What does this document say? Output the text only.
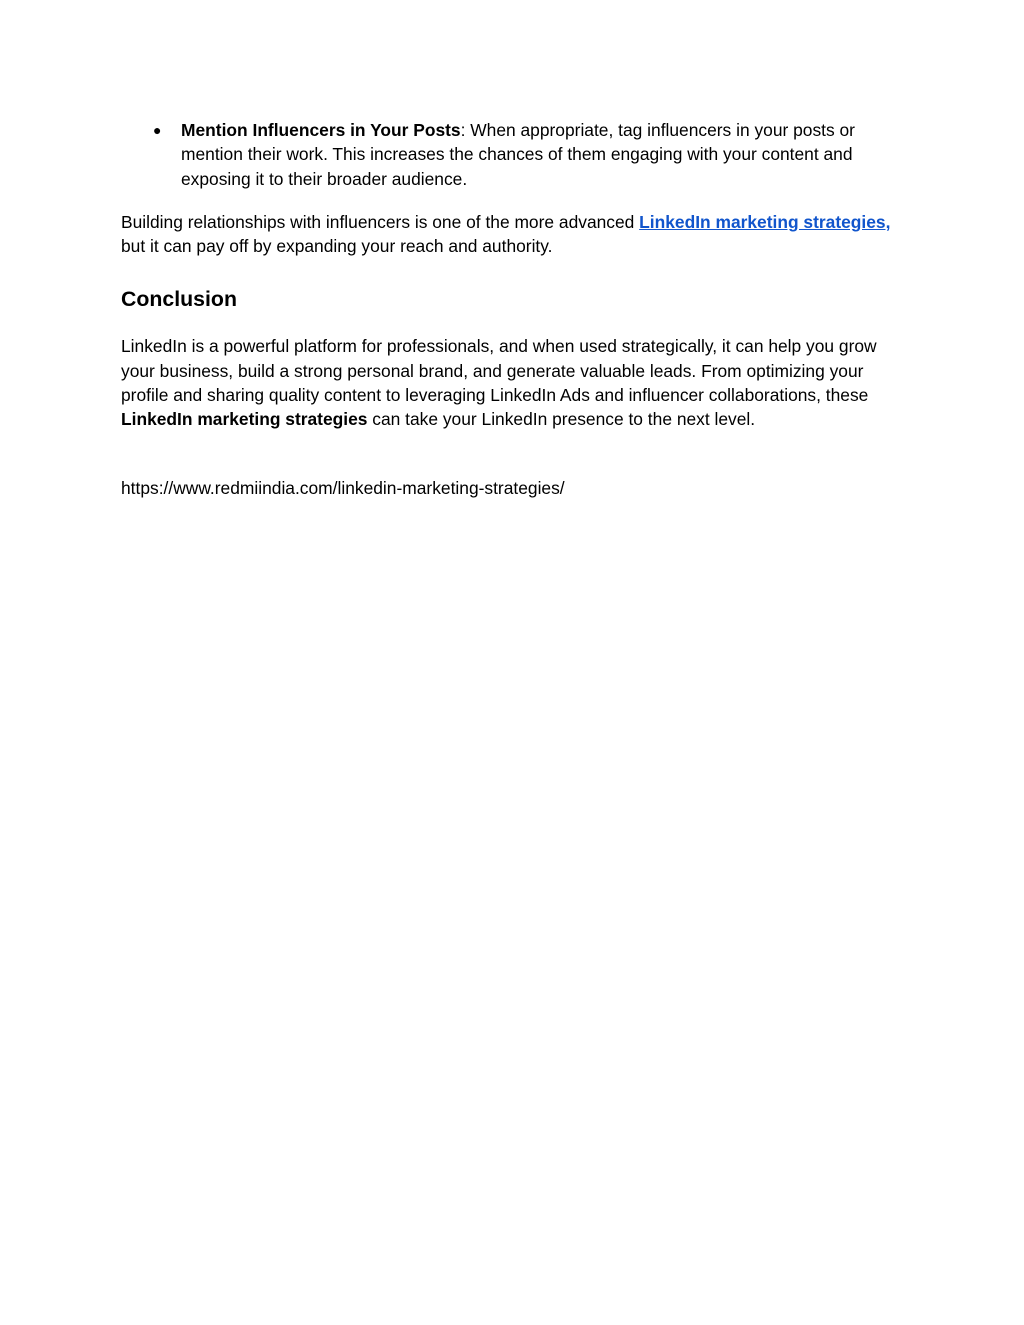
● Mention Influencers in Your Posts: When appropriate, tag influencers in your posts or mention their work. This increases the chances of them engaging with your content and exposing it to their broader audience.

Building relationships with influencers is one of the more advanced LinkedIn marketing strategies, but it can pay off by expanding your reach and authority.

Conclusion

LinkedIn is a powerful platform for professionals, and when used strategically, it can help you grow your business, build a strong personal brand, and generate valuable leads. From optimizing your profile and sharing quality content to leveraging LinkedIn Ads and influencer collaborations, these LinkedIn marketing strategies can take your LinkedIn presence to the next level.

https://www.redmiindia.com/linkedin-marketing-strategies/
